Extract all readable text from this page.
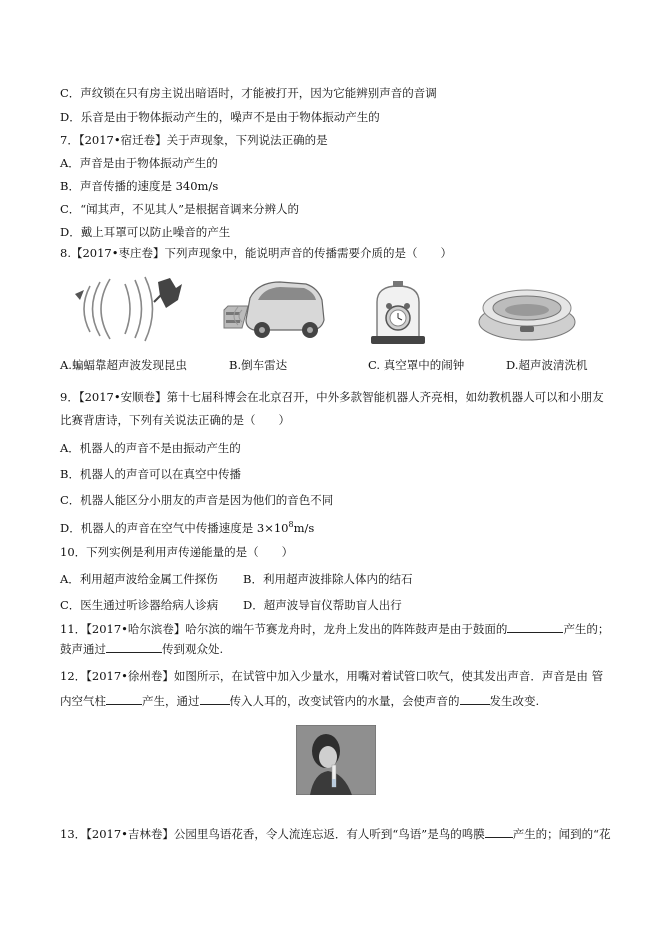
C．声纹锁在只有房主说出暗语时，才能被打开，因为它能辨别声音的音调
D．乐音是由于物体振动产生的，噪声不是由于物体振动产生的
7．【2017•宿迁卷】关于声现象，下列说法正确的是
A．声音是由于物体振动产生的
B．声音传播的速度是 340m/s
C．“闻其声，不见其人”是根据音调来分辨人的
D．戴上耳罩可以防止噪音的产生
8.【2017•枣庄卷】下列声现象中，能说明声音的传播需要介质的是（　　）
A.蝙蝠靠超声波发现昆虫	B.倒车雷达	C. 真空罩中的闹钟	D.超声波清洗机
9．【2017•安顺卷】第十七届科博会在北京召开，中外多款智能机器人齐亮相，如幼教机器人可以和小朋友
比赛背唐诗，下列有关说法正确的是（　　）
A．机器人的声音不是由振动产生的
B．机器人的声音可以在真空中传播
C．机器人能区分小朋友的声音是因为他们的音色不同
D．机器人的声音在空气中传播速度是 $3\times 10^8m/s$
10．下列实例是利用声传递能量的是（　　）
A．利用超声波给金属工件探伤 B．利用超声波排除人体内的结石
C．医生通过听诊器给病人诊病 D．超声波导盲仪帮助盲人出行
11．【2017•哈尔滨卷】哈尔滨的端午节赛龙舟时，龙舟上发出的阵阵鼓声是由于鼓面的	产生的；
鼓声通过	传到观众处.
12．【2017•徐州卷】如图所示，在试管中加入少量水，用嘴对着试管口吹气，使其发出声音．声音是由 管
内空气柱	产生，通过	传入人耳的，改变试管内的水量，会使声音的	发生改变.
13．【2017•吉林卷】公园里鸟语花香，令人流连忘返．有人听到“鸟语”是鸟的鸣膜 产生的；闻到的“花
